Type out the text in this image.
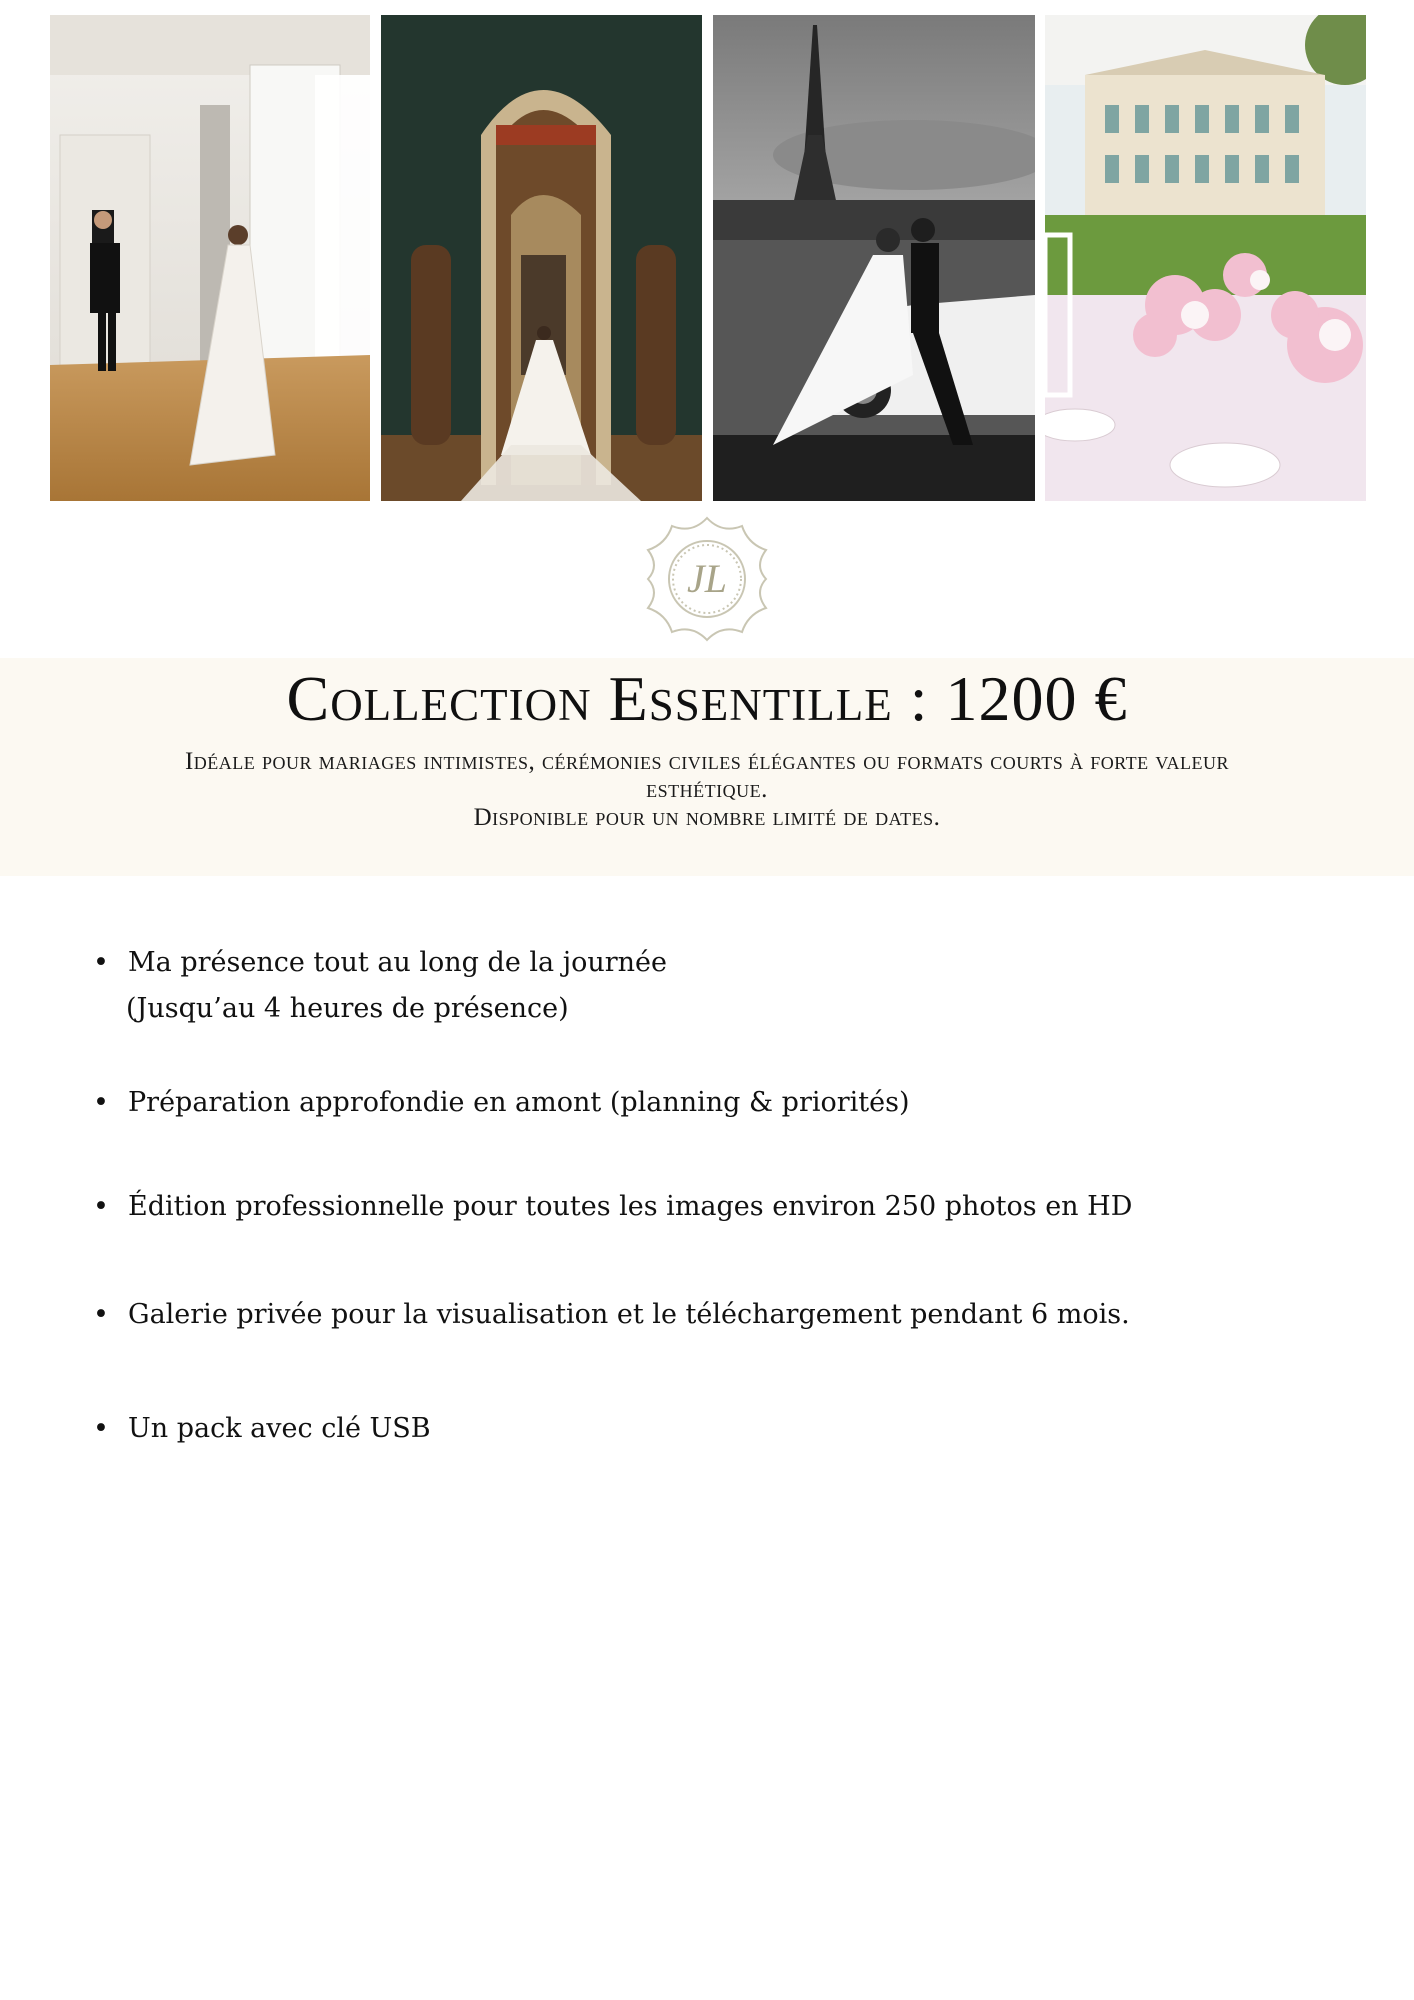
JL
Collection Essentille : 1200 €
Idéale pour mariages intimistes, cérémonies civiles élégantes ou formats courts à forte valeur
esthétique.
Disponible pour un nombre limité de dates.
• Ma présence tout au long de la journée
(Jusqu’au 4 heures de présence)
• Préparation approfondie en amont (planning & priorités)
• Édition professionnelle pour toutes les images environ 250 photos en HD
• Galerie privée pour la visualisation et le téléchargement pendant 6 mois.
• Un pack avec clé USB
